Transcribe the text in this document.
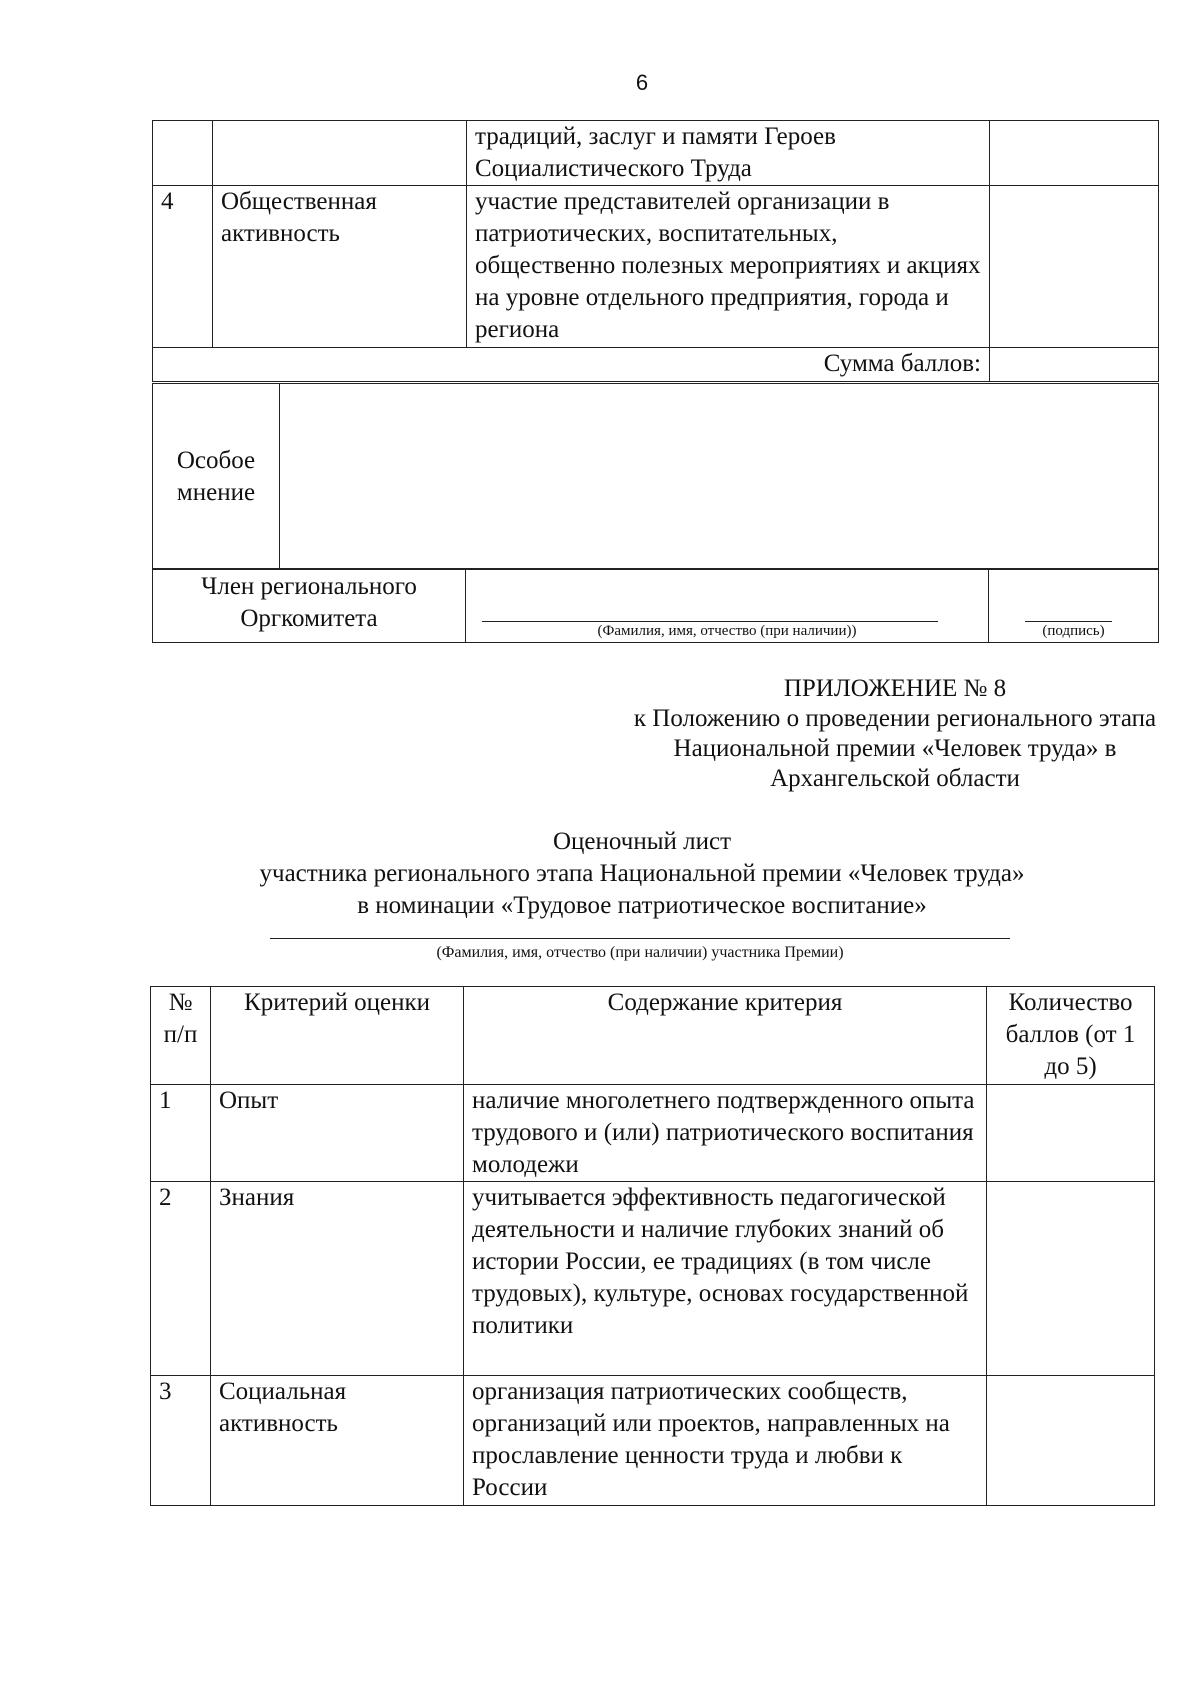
6
		традиций, заслуг и памяти Героев Социалистического Труда	
4	Общественная активность	участие представителей организации в патриотических, воспитательных, общественно полезных мероприятиях и акциях на уровне отдельного предприятия, города и региона	
Сумма баллов:			
Особое мнение	
Член регионального Оргкомитета	(Фамилия, имя, отчество (при наличии))	(подпись)
ПРИЛОЖЕНИЕ № 8
к Положению о проведении регионального этапа Национальной премии «Человек труда» в Архангельской области
Оценочный лист
участника регионального этапа Национальной премии «Человек труда»
в номинации «Трудовое патриотическое воспитание»
(Фамилия, имя, отчество (при наличии) участника Премии)
№ п/п	Критерий оценки	Содержание критерия	Количество баллов (от 1 до 5)
1	Опыт	наличие многолетнего подтвержденного опыта трудового и (или) патриотического воспитания молодежи	
2	Знания	учитывается эффективность педагогической деятельности и наличие глубоких знаний об истории России, ее традициях (в том числе трудовых), культуре, основах государственной политики	
3	Социальная активность	организация патриотических сообществ, организаций или проектов, направленных на прославление ценности труда и любви к России	
